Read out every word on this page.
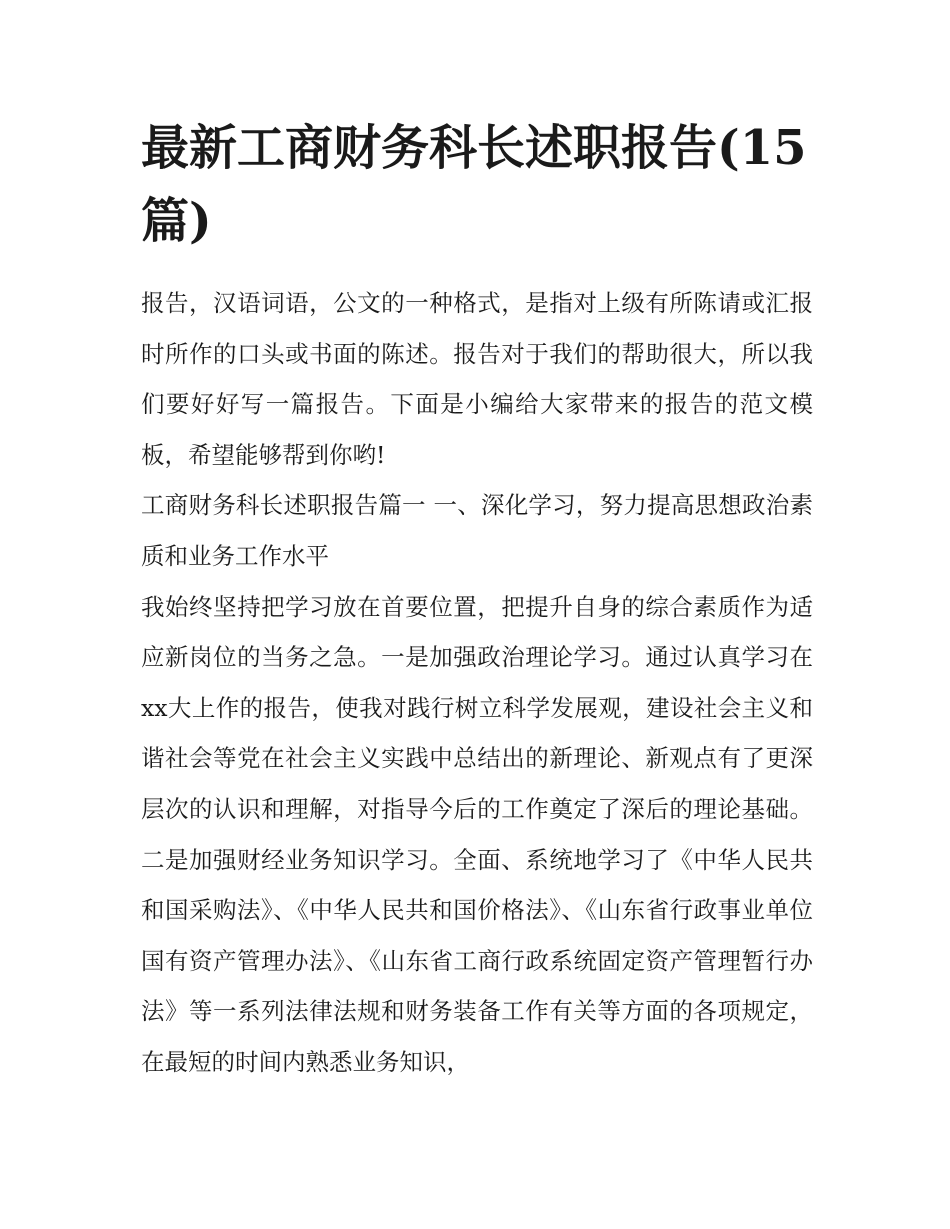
最新工商财务科长述职报告(15篇)

报告，汉语词语，公文的一种格式，是指对上级有所陈请或汇报时所作的口头或书面的陈述。报告对于我们的帮助很大，所以我们要好好写一篇报告。下面是小编给大家带来的报告的范文模板，希望能够帮到你哟!

工商财务科长述职报告篇一 一、深化学习，努力提高思想政治素质和业务工作水平

我始终坚持把学习放在首要位置，把提升自身的综合素质作为适应新岗位的当务之急。一是加强政治理论学习。通过认真学习在xx大上作的报告，使我对践行树立科学发展观，建设社会主义和谐社会等党在社会主义实践中总结出的新理论、新观点有了更深层次的认识和理解，对指导今后的工作奠定了深后的理论基础。二是加强财经业务知识学习。全面、系统地学习了《中华人民共和国采购法》、《中华人民共和国价格法》、《山东省行政事业单位国有资产管理办法》、《山东省工商行政系统固定资产管理暂行办法》等一系列法律法规和财务装备工作有关等方面的各项规定，在最短的时间内熟悉业务知识，
